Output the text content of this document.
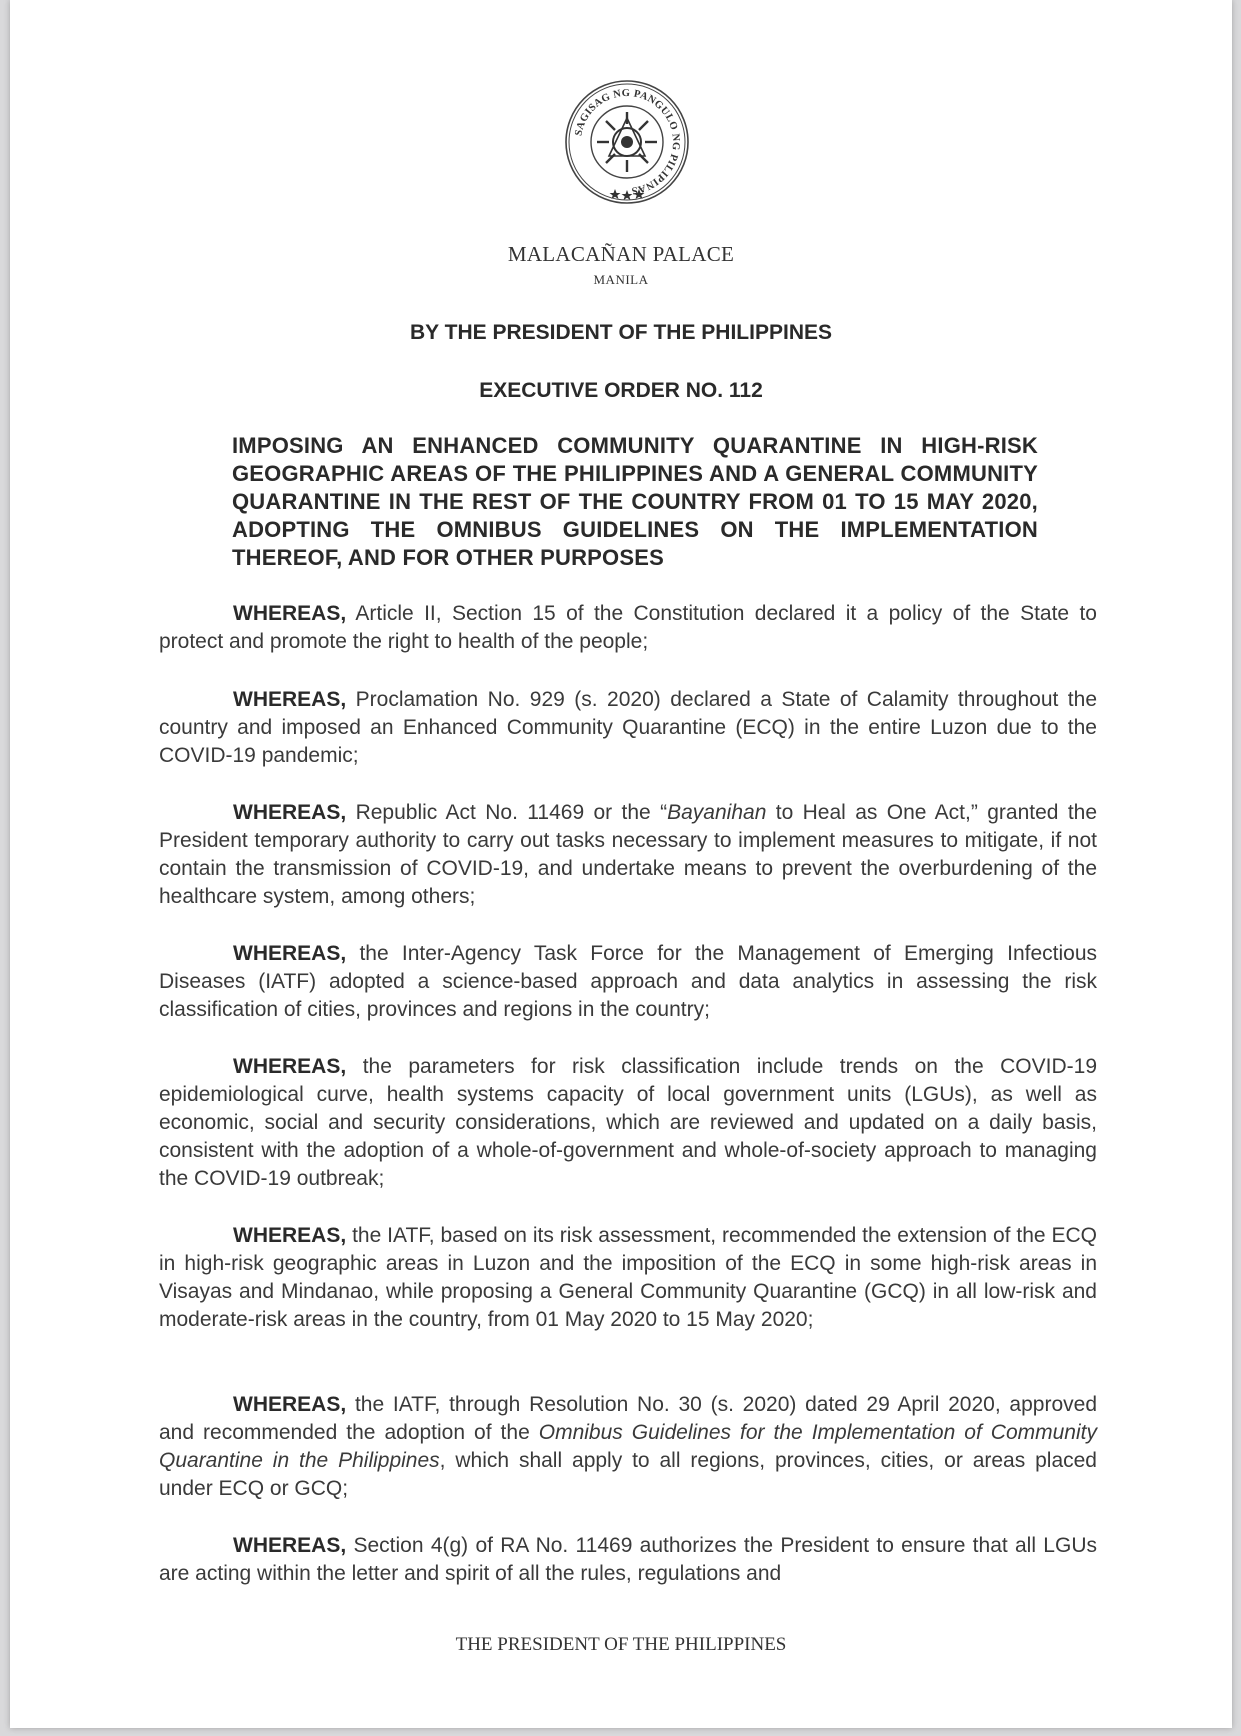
SAGISAG NG PANGULO NG PILIPINAS
MALACAÑAN PALACE
MANILA
BY THE PRESIDENT OF THE PHILIPPINES
EXECUTIVE ORDER NO. 112
IMPOSING AN ENHANCED COMMUNITY QUARANTINE IN HIGH-RISK GEOGRAPHIC AREAS OF THE PHILIPPINES AND A GENERAL COMMUNITY QUARANTINE IN THE REST OF THE COUNTRY FROM 01 TO 15 MAY 2020, ADOPTING THE OMNIBUS GUIDELINES ON THE IMPLEMENTATION THEREOF, AND FOR OTHER PURPOSES

WHEREAS, Article II, Section 15 of the Constitution declared it a policy of the State to protect and promote the right to health of the people;

WHEREAS, Proclamation No. 929 (s. 2020) declared a State of Calamity throughout the country and imposed an Enhanced Community Quarantine (ECQ) in the entire Luzon due to the COVID-19 pandemic;

WHEREAS, Republic Act No. 11469 or the “Bayanihan to Heal as One Act,” granted the President temporary authority to carry out tasks necessary to implement measures to mitigate, if not contain the transmission of COVID-19, and undertake means to prevent the overburdening of the healthcare system, among others;

WHEREAS, the Inter-Agency Task Force for the Management of Emerging Infectious Diseases (IATF) adopted a science-based approach and data analytics in assessing the risk classification of cities, provinces and regions in the country;

WHEREAS, the parameters for risk classification include trends on the COVID-19 epidemiological curve, health systems capacity of local government units (LGUs), as well as economic, social and security considerations, which are reviewed and updated on a daily basis, consistent with the adoption of a whole-of-government and whole-of-society approach to managing the COVID-19 outbreak;

WHEREAS, the IATF, based on its risk assessment, recommended the extension of the ECQ in high-risk geographic areas in Luzon and the imposition of the ECQ in some high-risk areas in Visayas and Mindanao, while proposing a General Community Quarantine (GCQ) in all low-risk and moderate-risk areas in the country, from 01 May 2020 to 15 May 2020;

WHEREAS, the IATF, through Resolution No. 30 (s. 2020) dated 29 April 2020, approved and recommended the adoption of the Omnibus Guidelines for the Implementation of Community Quarantine in the Philippines, which shall apply to all regions, provinces, cities, or areas placed under ECQ or GCQ;

WHEREAS, Section 4(g) of RA No. 11469 authorizes the President to ensure that all LGUs are acting within the letter and spirit of all the rules, regulations and

THE PRESIDENT OF THE PHILIPPINES
